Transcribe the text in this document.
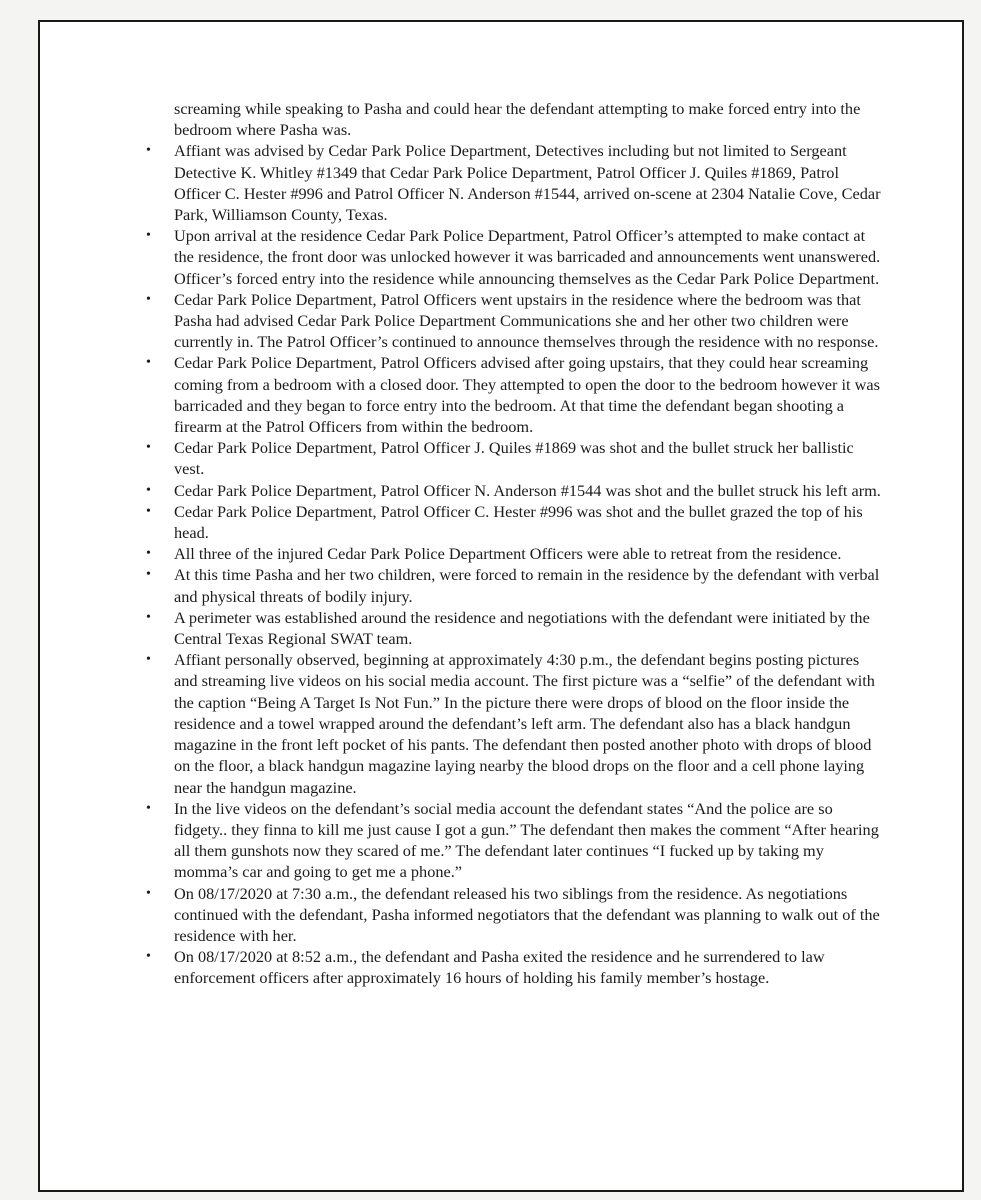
screaming while speaking to Pasha and could hear the defendant attempting to make forced entry into the bedroom where Pasha was.

• Affiant was advised by Cedar Park Police Department, Detectives including but not limited to Sergeant Detective K. Whitley #1349 that Cedar Park Police Department, Patrol Officer J. Quiles #1869, Patrol Officer C. Hester #996 and Patrol Officer N. Anderson #1544, arrived on-scene at 2304 Natalie Cove, Cedar Park, Williamson County, Texas.
• Upon arrival at the residence Cedar Park Police Department, Patrol Officer’s attempted to make contact at the residence, the front door was unlocked however it was barricaded and announcements went unanswered. Officer’s forced entry into the residence while announcing themselves as the Cedar Park Police Department.
• Cedar Park Police Department, Patrol Officers went upstairs in the residence where the bedroom was that Pasha had advised Cedar Park Police Department Communications she and her other two children were currently in. The Patrol Officer’s continued to announce themselves through the residence with no response.
• Cedar Park Police Department, Patrol Officers advised after going upstairs, that they could hear screaming coming from a bedroom with a closed door. They attempted to open the door to the bedroom however it was barricaded and they began to force entry into the bedroom. At that time the defendant began shooting a firearm at the Patrol Officers from within the bedroom.
• Cedar Park Police Department, Patrol Officer J. Quiles #1869 was shot and the bullet struck her ballistic vest.
• Cedar Park Police Department, Patrol Officer N. Anderson #1544 was shot and the bullet struck his left arm.
• Cedar Park Police Department, Patrol Officer C. Hester #996 was shot and the bullet grazed the top of his head.
• All three of the injured Cedar Park Police Department Officers were able to retreat from the residence.
• At this time Pasha and her two children, were forced to remain in the residence by the defendant with verbal and physical threats of bodily injury.
• A perimeter was established around the residence and negotiations with the defendant were initiated by the Central Texas Regional SWAT team.
• Affiant personally observed, beginning at approximately 4:30 p.m., the defendant begins posting pictures and streaming live videos on his social media account. The first picture was a “selfie” of the defendant with the caption “Being A Target Is Not Fun.” In the picture there were drops of blood on the floor inside the residence and a towel wrapped around the defendant’s left arm. The defendant also has a black handgun magazine in the front left pocket of his pants. The defendant then posted another photo with drops of blood on the floor, a black handgun magazine laying nearby the blood drops on the floor and a cell phone laying near the handgun magazine.
• In the live videos on the defendant’s social media account the defendant states “And the police are so fidgety.. they finna to kill me just cause I got a gun.” The defendant then makes the comment “After hearing all them gunshots now they scared of me.” The defendant later continues “I fucked up by taking my momma’s car and going to get me a phone.”
• On 08/17/2020 at 7:30 a.m., the defendant released his two siblings from the residence. As negotiations continued with the defendant, Pasha informed negotiators that the defendant was planning to walk out of the residence with her.
• On 08/17/2020 at 8:52 a.m., the defendant and Pasha exited the residence and he surrendered to law enforcement officers after approximately 16 hours of holding his family member’s hostage.
